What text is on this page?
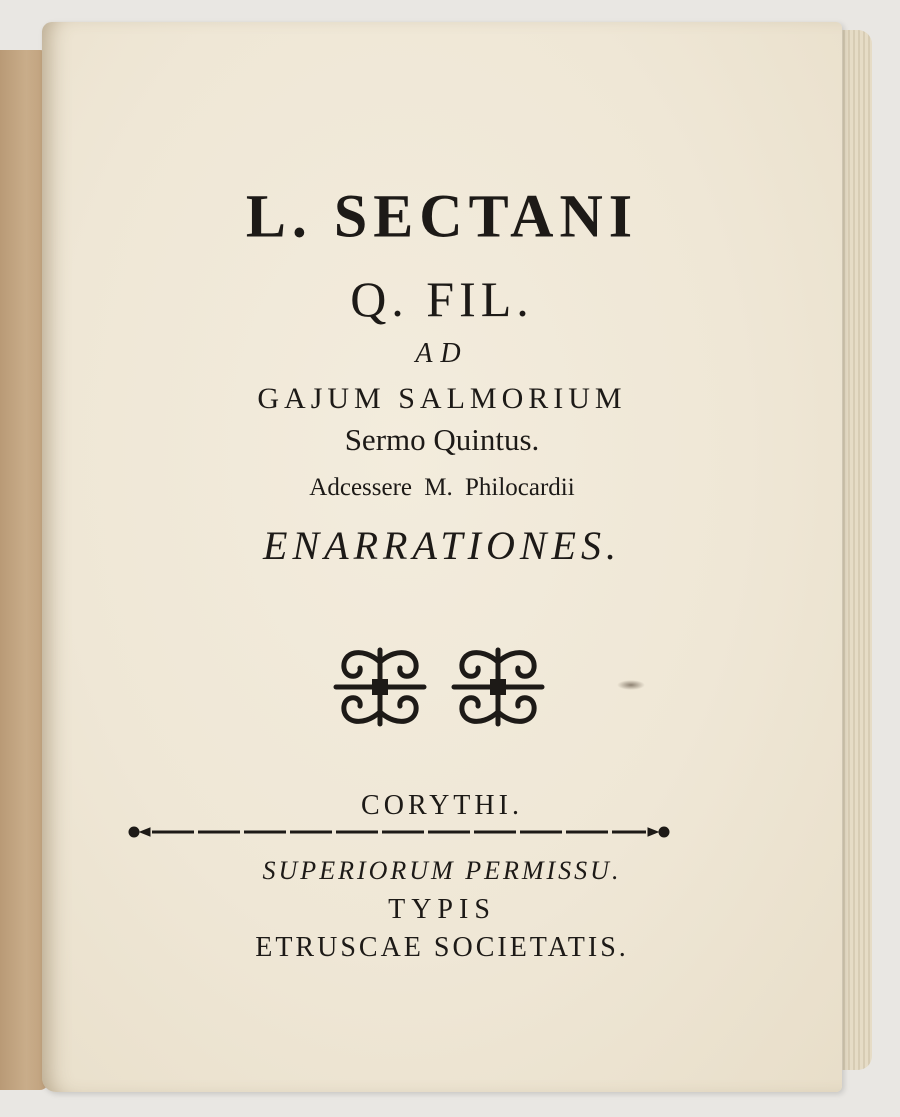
L. SECTANI

Q. FIL.

AD

GAJUM SALMORIUM

Sermo Quintus.

Adcessere M. Philocardii

ENARRATIONES.

CORYTHI.

SUPERIORUM PERMISSU.

TYPIS

ETRUSCAE SOCIETATIS.
